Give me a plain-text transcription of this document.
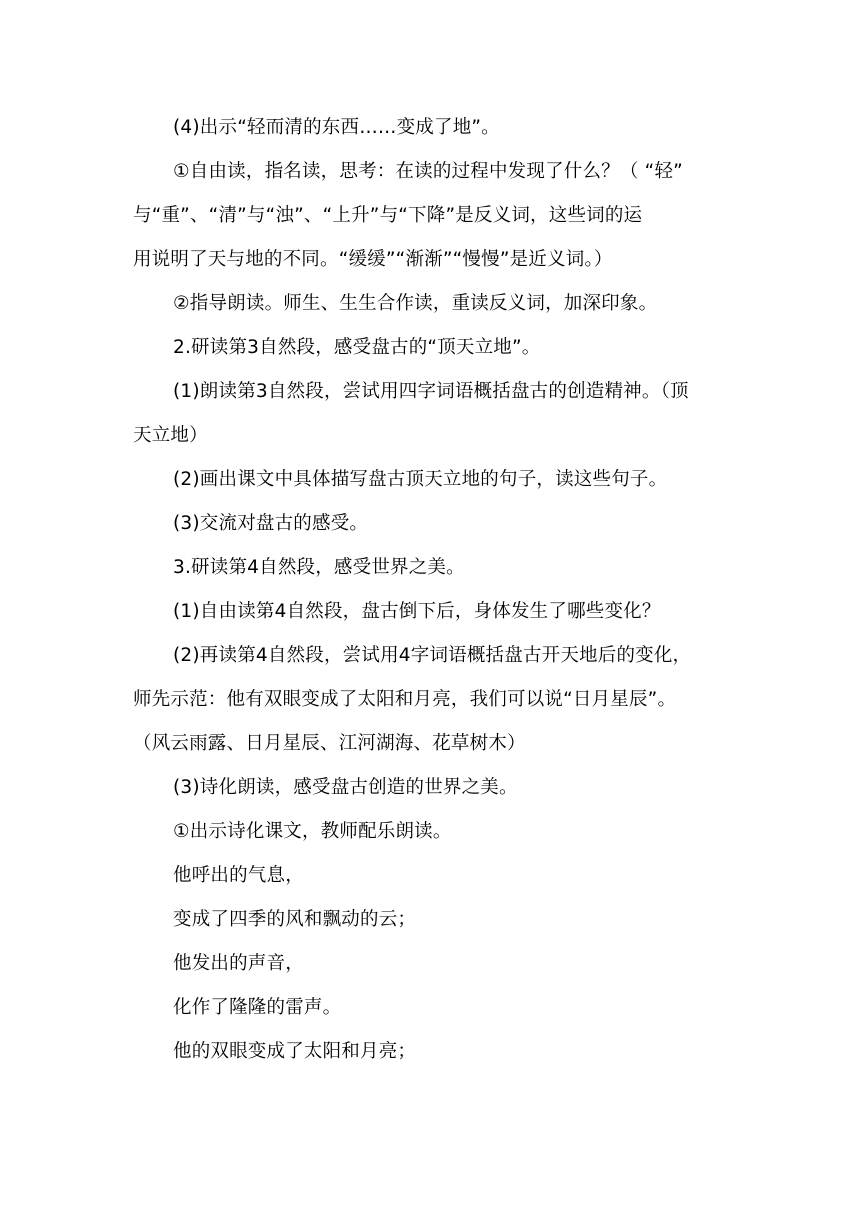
(4)出示“轻而清的东西……变成了地”。
①自由读，指名读，思考：在读的过程中发现了什么？（ “轻”
与“重”、“清”与“浊”、“上升”与“下降”是反义词，这些词的运
用说明了天与地的不同。“缓缓”“渐渐”“慢慢”是近义词。）
②指导朗读。师生、生生合作读，重读反义词，加深印象。
2.研读第3自然段，感受盘古的“顶天立地”。
(1)朗读第3自然段，尝试用四字词语概括盘古的创造精神。（顶
天立地）
(2)画出课文中具体描写盘古顶天立地的句子，读这些句子。
(3)交流对盘古的感受。
3.研读第4自然段，感受世界之美。
(1)自由读第4自然段，盘古倒下后，身体发生了哪些变化？
(2)再读第4自然段，尝试用4字词语概括盘古开天地后的变化，
师先示范：他有双眼变成了太阳和月亮，我们可以说“日月星辰”。
（风云雨露、日月星辰、江河湖海、花草树木）
(3)诗化朗读，感受盘古创造的世界之美。
①出示诗化课文，教师配乐朗读。
他呼出的气息，
变成了四季的风和飘动的云；
他发出的声音，
化作了隆隆的雷声。
他的双眼变成了太阳和月亮；
